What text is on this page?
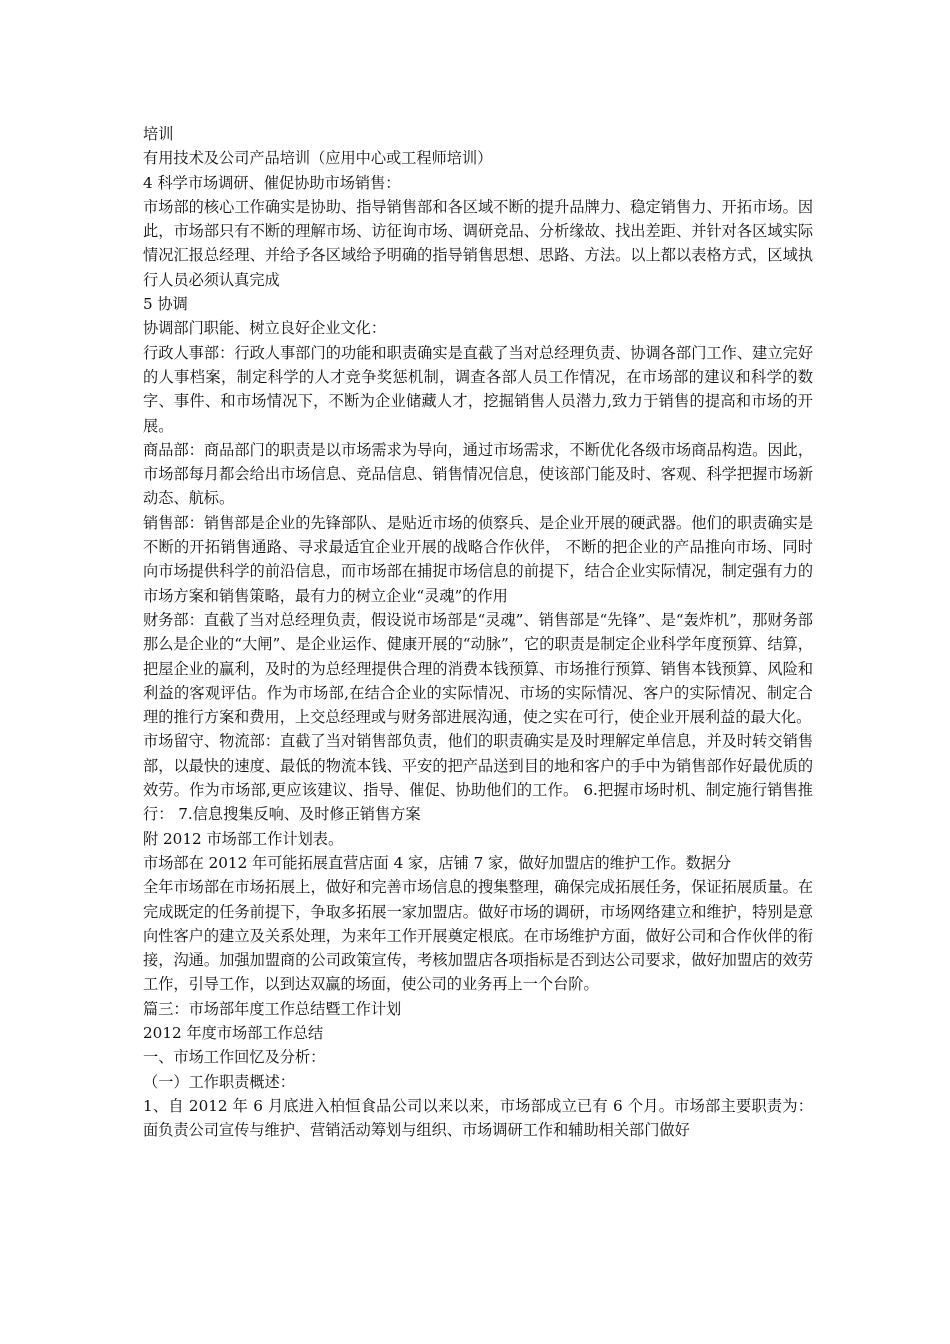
培训

有用技术及公司产品培训（应用中心或工程师培训）

4 科学市场调研、催促协助市场销售：

市场部的核心工作确实是协助、指导销售部和各区域不断的提升品牌力、稳定销售力、开拓市场。因此，市场部只有不断的理解市场、访征询市场、调研竞品、分析缘故、找出差距、并针对各区域实际情况汇报总经理、并给予各区域给予明确的指导销售思想、思路、方法。以上都以表格方式，区域执行人员必须认真完成

5 协调

协调部门职能、树立良好企业文化：

行政人事部：行政人事部门的功能和职责确实是直截了当对总经理负责、协调各部门工作、建立完好的人事档案，制定科学的人才竞争奖惩机制，调查各部人员工作情况，在市场部的建议和科学的数字、事件、和市场情况下，不断为企业储藏人才，挖掘销售人员潜力,致力于销售的提高和市场的开展。

商品部：商品部门的职责是以市场需求为导向，通过市场需求，不断优化各级市场商品构造。因此，市场部每月都会给出市场信息、竞品信息、销售情况信息，使该部门能及时、客观、科学把握市场新动态、航标。

销售部：销售部是企业的先锋部队、是贴近市场的侦察兵、是企业开展的硬武器。他们的职责确实是不断的开拓销售通路、寻求最适宜企业开展的战略合作伙伴， 不断的把企业的产品推向市场、同时向市场提供科学的前沿信息，而市场部在捕捉市场信息的前提下，结合企业实际情况，制定强有力的市场方案和销售策略，最有力的树立企业“灵魂”的作用

财务部：直截了当对总经理负责，假设说市场部是“灵魂”、销售部是“先锋”、是“轰炸机”，那财务部那么是企业的“大闸”、是企业运作、健康开展的“动脉”，它的职责是制定企业科学年度预算、结算，把屋企业的赢利，及时的为总经理提供合理的消费本钱预算、市场推行预算、销售本钱预算、风险和利益的客观评估。作为市场部,在结合企业的实际情况、市场的实际情况、客户的实际情况、制定合理的推行方案和费用，上交总经理或与财务部进展沟通，使之实在可行，使企业开展利益的最大化。

市场留守、物流部：直截了当对销售部负责，他们的职责确实是及时理解定单信息，并及时转交销售部，以最快的速度、最低的物流本钱、平安的把产品送到目的地和客户的手中为销售部作好最优质的效劳。作为市场部,更应该建议、指导、催促、协助他们的工作。 6.把握市场时机、制定施行销售推行： 7.信息搜集反响、及时修正销售方案

附 2012 市场部工作计划表。

市场部在 2012 年可能拓展直营店面 4 家，店铺 7 家，做好加盟店的维护工作。数据分

全年市场部在市场拓展上，做好和完善市场信息的搜集整理，确保完成拓展任务，保证拓展质量。在完成既定的任务前提下，争取多拓展一家加盟店。做好市场的调研，市场网络建立和维护，特别是意向性客户的建立及关系处理，为来年工作开展奠定根底。在市场维护方面，做好公司和合作伙伴的衔接，沟通。加强加盟商的公司政策宣传，考核加盟店各项指标是否到达公司要求，做好加盟店的效劳工作，引导工作，以到达双赢的场面，使公司的业务再上一个台阶。

篇三：市场部年度工作总结暨工作计划

2012 年度市场部工作总结

一、市场工作回忆及分析：

（一）工作职责概述：

1、自 2012 年 6 月底进入柏恒食品公司以来以来，市场部成立已有 6 个月。市场部主要职责为：面负责公司宣传与维护、营销活动筹划与组织、市场调研工作和辅助相关部门做好
